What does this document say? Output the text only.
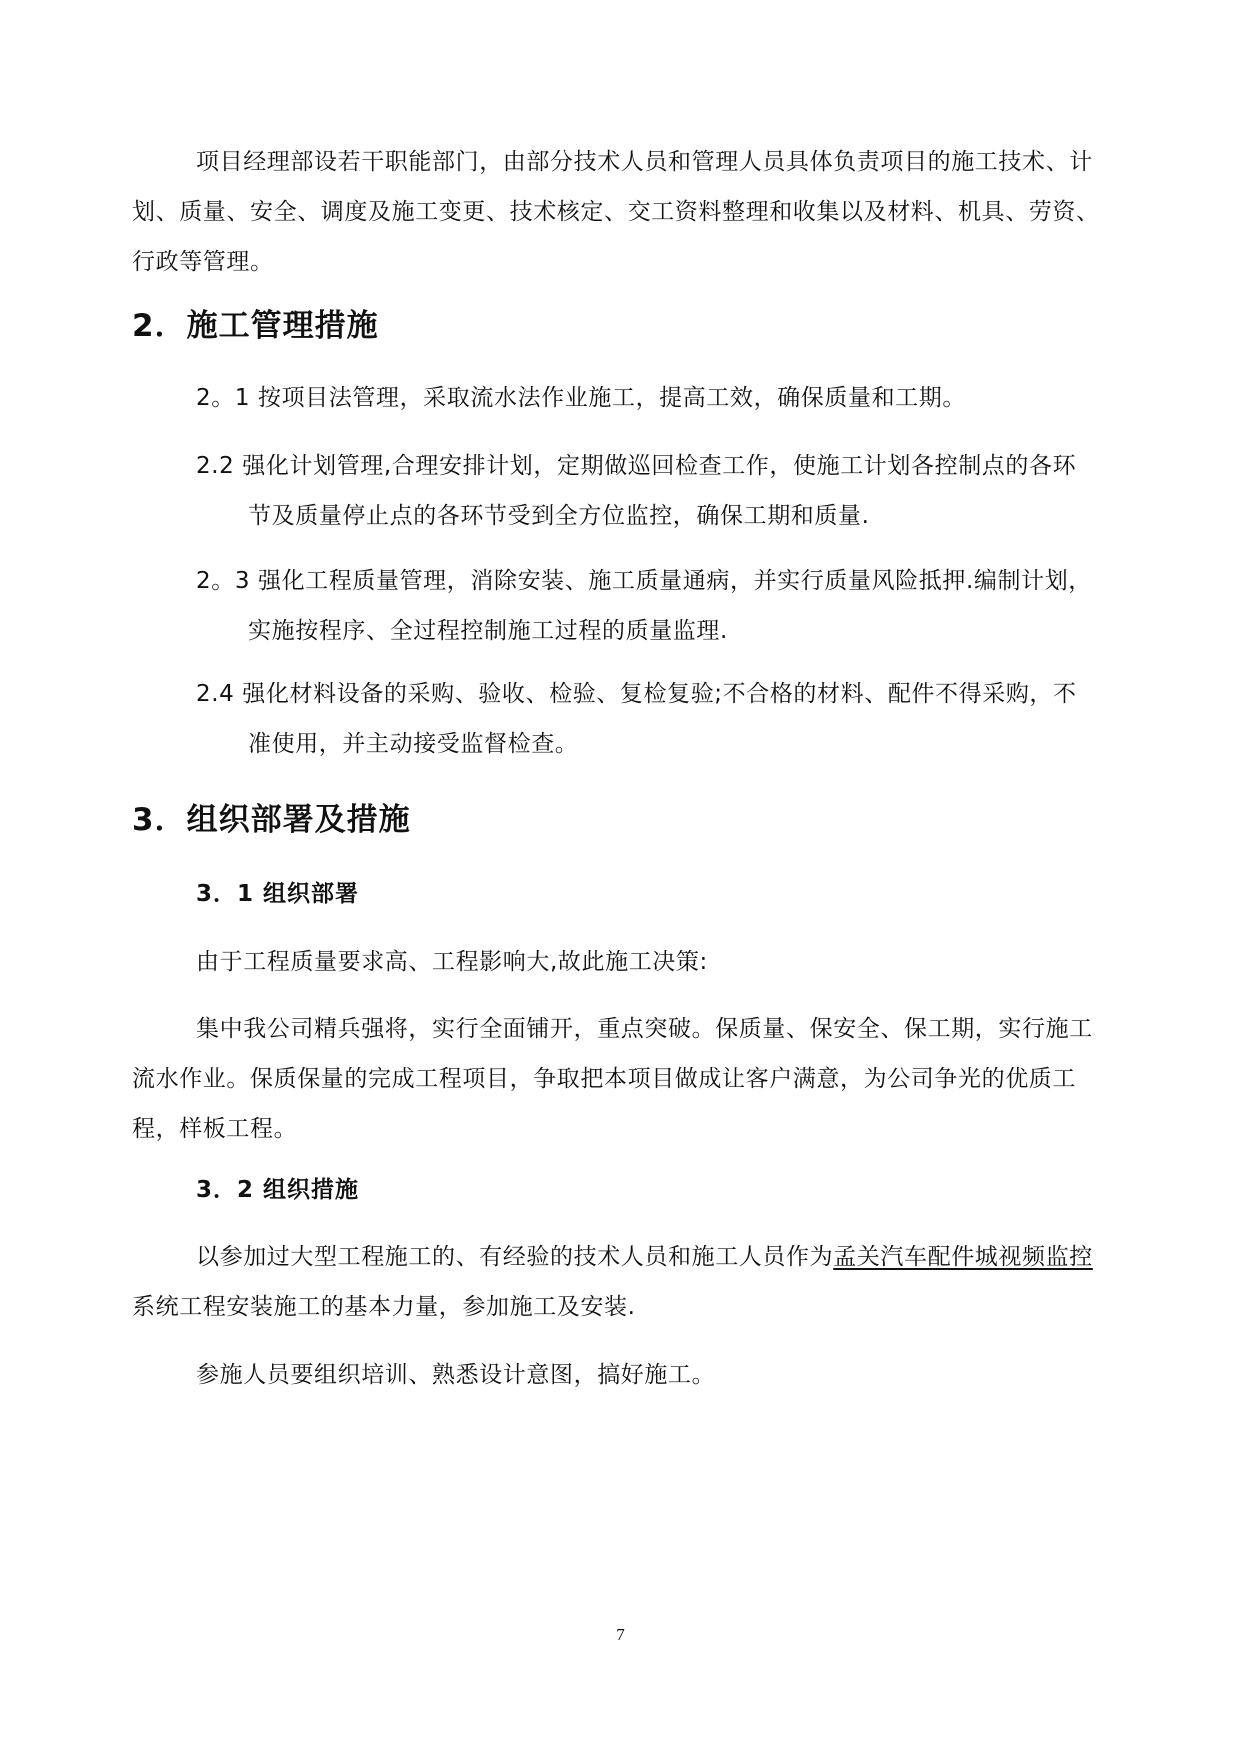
项目经理部设若干职能部门，由部分技术人员和管理人员具体负责项目的施工技术、计划、质量、安全、调度及施工变更、技术核定、交工资料整理和收集以及材料、机具、劳资、行政等管理。
2．施工管理措施
2。1 按项目法管理，采取流水法作业施工，提高工效，确保质量和工期。
2.2 强化计划管理,合理安排计划，定期做巡回检查工作，使施工计划各控制点的各环
节及质量停止点的各环节受到全方位监控，确保工期和质量.
2。3 强化工程质量管理，消除安装、施工质量通病，并实行质量风险抵押.编制计划，
实施按程序、全过程控制施工过程的质量监理.
2.4 强化材料设备的采购、验收、检验、复检复验;不合格的材料、配件不得采购，不
准使用，并主动接受监督检查。
3．组织部署及措施
3．1 组织部署
由于工程质量要求高、工程影响大,故此施工决策:
集中我公司精兵强将，实行全面铺开，重点突破。保质量、保安全、保工期，实行施工流水作业。保质保量的完成工程项目，争取把本项目做成让客户满意，为公司争光的优质工程，样板工程。
3．2 组织措施
以参加过大型工程施工的、有经验的技术人员和施工人员作为孟关汽车配件城视频监控系统工程安装施工的基本力量，参加施工及安装.
参施人员要组织培训、熟悉设计意图，搞好施工。
7
